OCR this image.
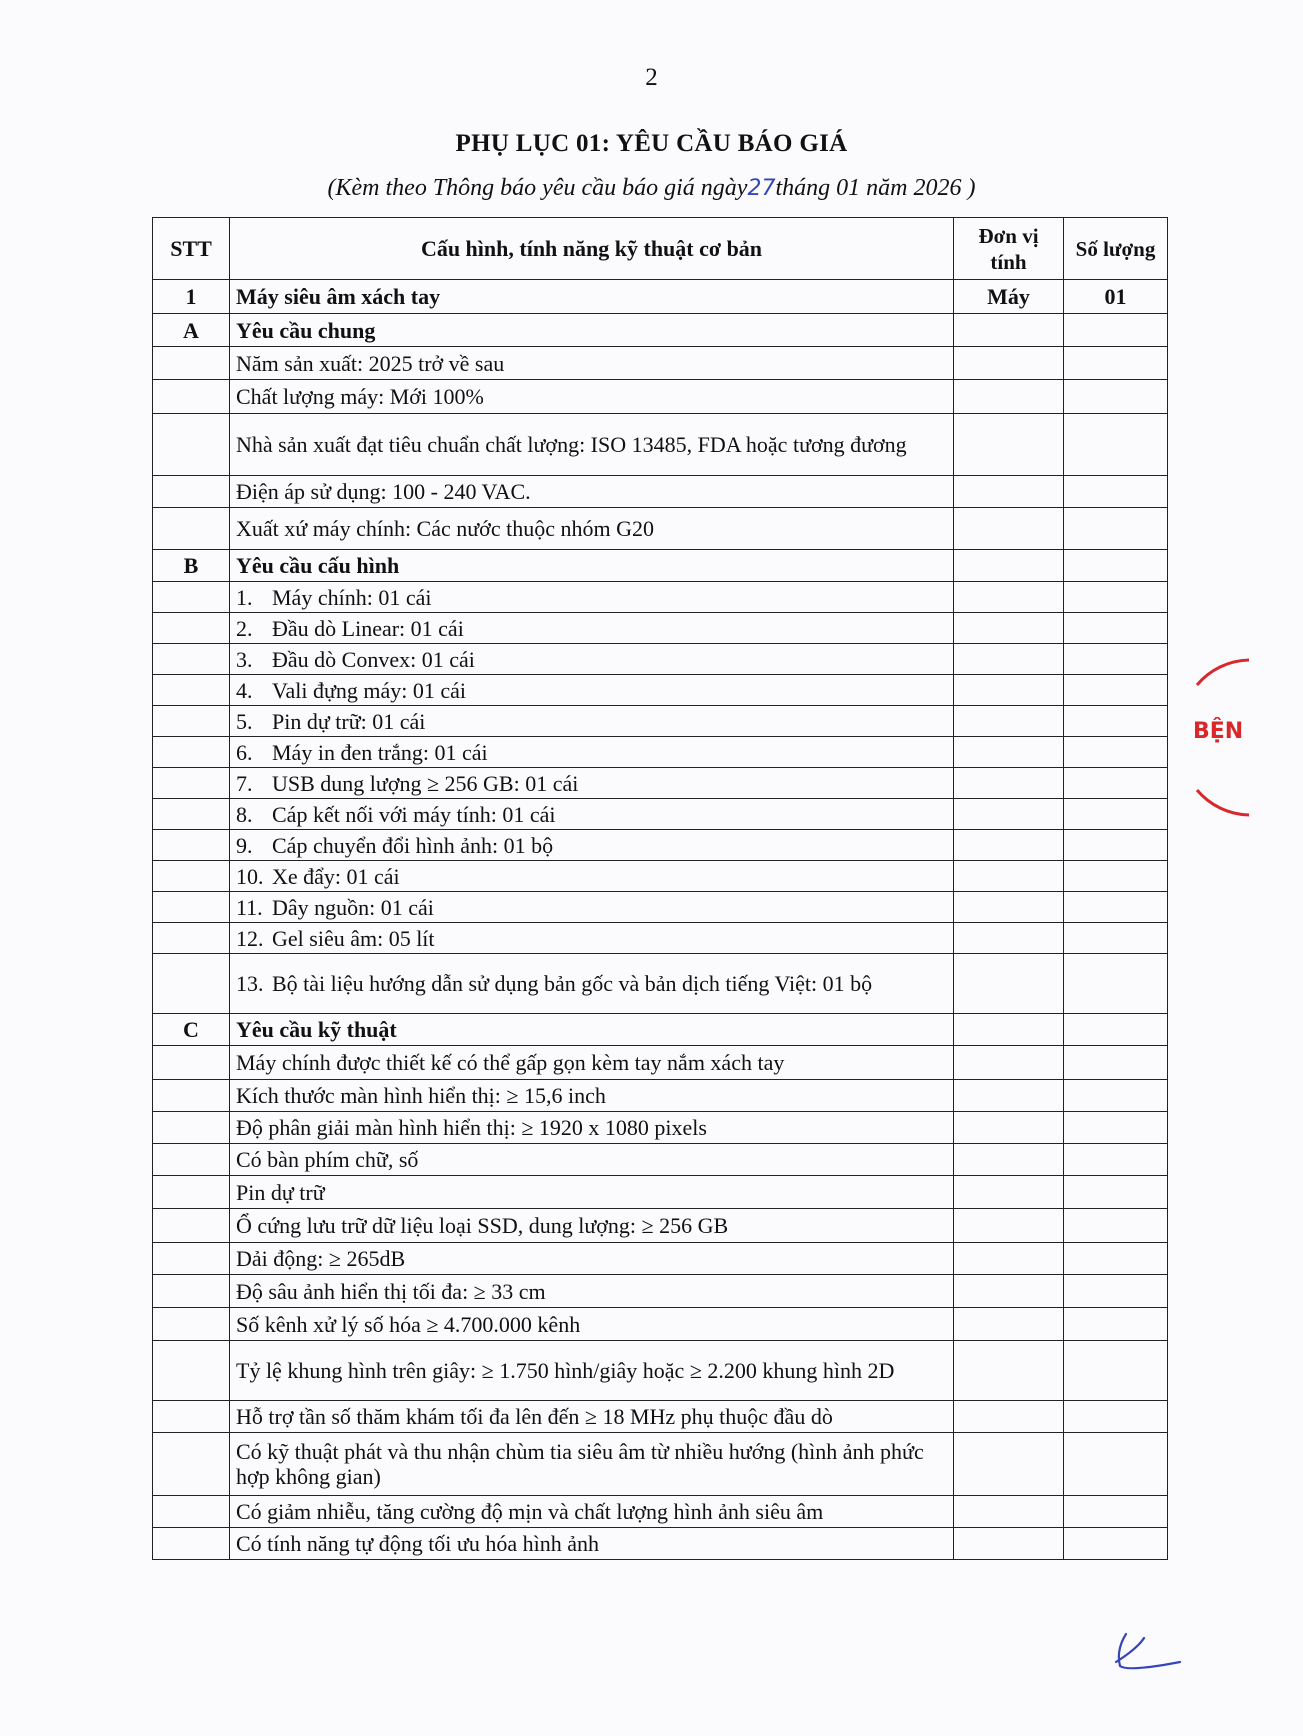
2
PHỤ LỤC 01: YÊU CẦU BÁO GIÁ
(Kèm theo Thông báo yêu cầu báo giá ngày27tháng 01 năm 2026 )
STT	Cấu hình, tính năng kỹ thuật cơ bản	Đơn vị tính	Số lượng
1	Máy siêu âm xách tay	Máy	01
A	Yêu cầu chung		
	Năm sản xuất: 2025 trở về sau		
	Chất lượng máy: Mới 100%		
	Nhà sản xuất đạt tiêu chuẩn chất lượng: ISO 13485, FDA hoặc tương đương		
	Điện áp sử dụng: 100 - 240 VAC.		
	Xuất xứ máy chính: Các nước thuộc nhóm G20		
B	Yêu cầu cấu hình		

	1. Máy chính: 01 cái		

	2. Đầu dò Linear: 01 cái		

	3. Đầu dò Convex: 01 cái		

	4. Vali đựng máy: 01 cái		

	5. Pin dự trữ: 01 cái		

	6. Máy in đen trắng: 01 cái		

	7. USB dung lượng ≥ 256 GB: 01 cái		

	8. Cáp kết nối với máy tính: 01 cái		

	9. Cáp chuyển đổi hình ảnh: 01 bộ		

	10. Xe đẩy: 01 cái		

	11. Dây nguồn: 01 cái		

	12. Gel siêu âm: 05 lít		

	13. Bộ tài liệu hướng dẫn sử dụng bản gốc và bản dịch tiếng Việt: 01 bộ		

C	Yêu cầu kỹ thuật		
	Máy chính được thiết kế có thể gấp gọn kèm tay nắm xách tay		
	Kích thước màn hình hiển thị: ≥ 15,6 inch		
	Độ phân giải màn hình hiển thị: ≥ 1920 x 1080 pixels		
	Có bàn phím chữ, số		
	Pin dự trữ		
	Ổ cứng lưu trữ dữ liệu loại SSD, dung lượng: ≥ 256 GB		
	Dải động: ≥ 265dB		
	Độ sâu ảnh hiển thị tối đa: ≥ 33 cm		
	Số kênh xử lý số hóa ≥ 4.700.000 kênh		
	Tỷ lệ khung hình trên giây: ≥ 1.750 hình/giây hoặc ≥ 2.200 khung hình 2D		
	Hỗ trợ tần số thăm khám tối đa lên đến ≥ 18 MHz phụ thuộc đầu dò		
	Có kỹ thuật phát và thu nhận chùm tia siêu âm từ nhiều hướng (hình ảnh phức hợp không gian)		
	Có giảm nhiễu, tăng cường độ mịn và chất lượng hình ảnh siêu âm		
	Có tính năng tự động tối ưu hóa hình ảnh		
BỆN
